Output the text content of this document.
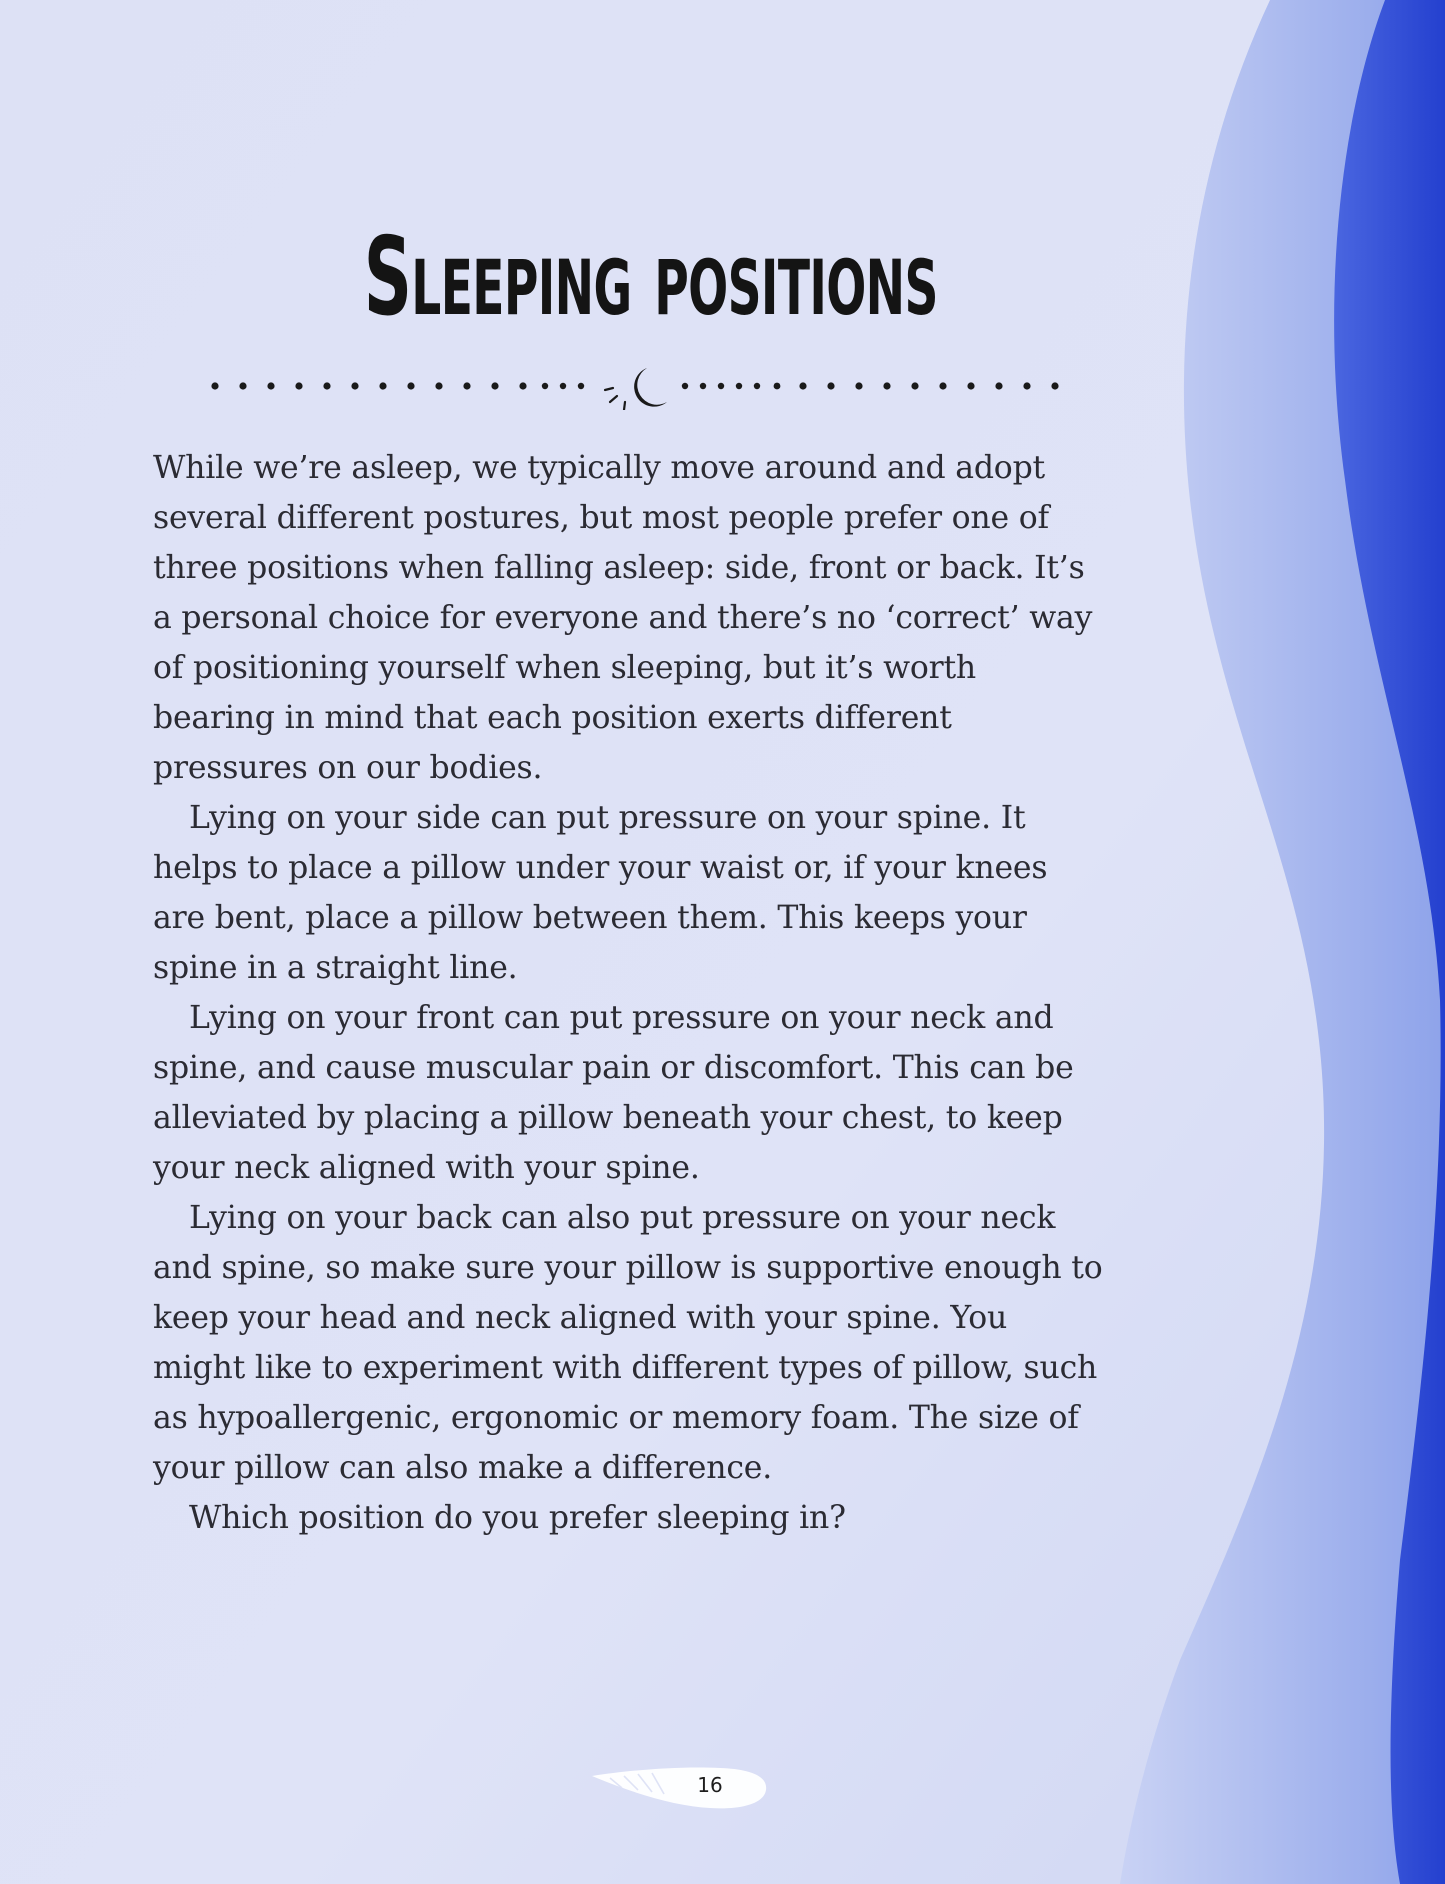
Sleeping positions

While we’re asleep, we typically move around and adopt several different postures, but most people prefer one of three positions when falling asleep: side, front or back. It’s a personal choice for everyone and there’s no ‘correct’ way of positioning yourself when sleeping, but it’s worth bearing in mind that each position exerts different pressures on our bodies.

Lying on your side can put pressure on your spine. It helps to place a pillow under your waist or, if your knees are bent, place a pillow between them. This keeps your spine in a straight line.

Lying on your front can put pressure on your neck and spine, and cause muscular pain or discomfort. This can be alleviated by placing a pillow beneath your chest, to keep your neck aligned with your spine.

Lying on your back can also put pressure on your neck and spine, so make sure your pillow is supportive enough to keep your head and neck aligned with your spine. You might like to experiment with different types of pillow, such as hypoallergenic, ergonomic or memory foam. The size of your pillow can also make a difference.

Which position do you prefer sleeping in?

16
